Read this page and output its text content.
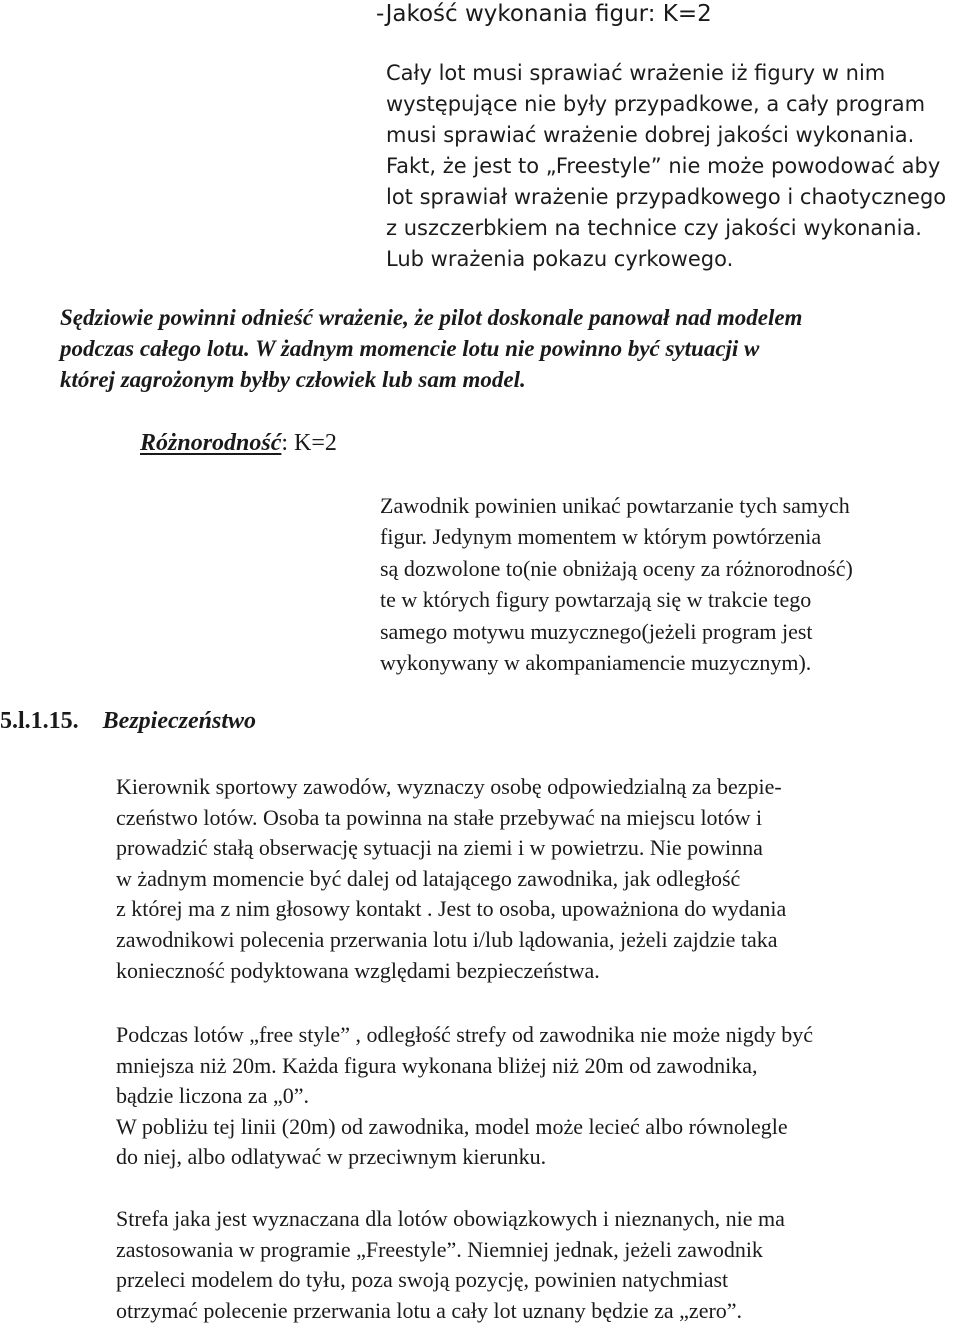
-Jakość wykonania figur: K=2
Cały lot musi sprawiać wrażenie iż figury w nim
występujące nie były przypadkowe, a cały program
musi sprawiać wrażenie dobrej jakości wykonania.
Fakt, że jest to „Freestyle” nie może powodować aby
lot sprawiał wrażenie przypadkowego i chaotycznego
z uszczerbkiem na technice czy jakości wykonania.
Lub wrażenia pokazu cyrkowego.
Sędziowie powinni odnieść wrażenie, że pilot doskonale panował nad modelem
podczas całego lotu. W żadnym momencie lotu nie powinno być sytuacji w
której zagrożonym byłby człowiek lub sam model.
Różnorodność: K=2
Zawodnik powinien unikać powtarzanie tych samych
figur. Jedynym momentem w którym powtórzenia
są dozwolone to(nie obniżają oceny za różnorodność)
te w których figury powtarzają się w trakcie tego
samego motywu muzycznego(jeżeli program jest
wykonywany w akompaniamencie muzycznym).
5.l.1.15. Bezpieczeństwo
Kierownik sportowy zawodów, wyznaczy osobę odpowiedzialną za bezpie-
czeństwo lotów. Osoba ta powinna na stałe przebywać na miejscu lotów i
prowadzić stałą obserwację sytuacji na ziemi i w powietrzu. Nie powinna
w żadnym momencie być dalej od latającego zawodnika, jak odległość
z której ma z nim głosowy kontakt . Jest to osoba, upoważniona do wydania
zawodnikowi polecenia przerwania lotu i/lub lądowania, jeżeli zajdzie taka
konieczność podyktowana względami bezpieczeństwa.
Podczas lotów „free style” , odległość strefy od zawodnika nie może nigdy być
mniejsza niż 20m. Każda figura wykonana bliżej niż 20m od zawodnika,
bądzie liczona za „0”.
W pobliżu tej linii (20m) od zawodnika, model może lecieć albo równolegle
do niej, albo odlatywać w przeciwnym kierunku.
Strefa jaka jest wyznaczana dla lotów obowiązkowych i nieznanych, nie ma
zastosowania w programie „Freestyle”. Niemniej jednak, jeżeli zawodnik
przeleci modelem do tyłu, poza swoją pozycję, powinien natychmiast
otrzymać polecenie przerwania lotu a cały lot uznany będzie za „zero”.
